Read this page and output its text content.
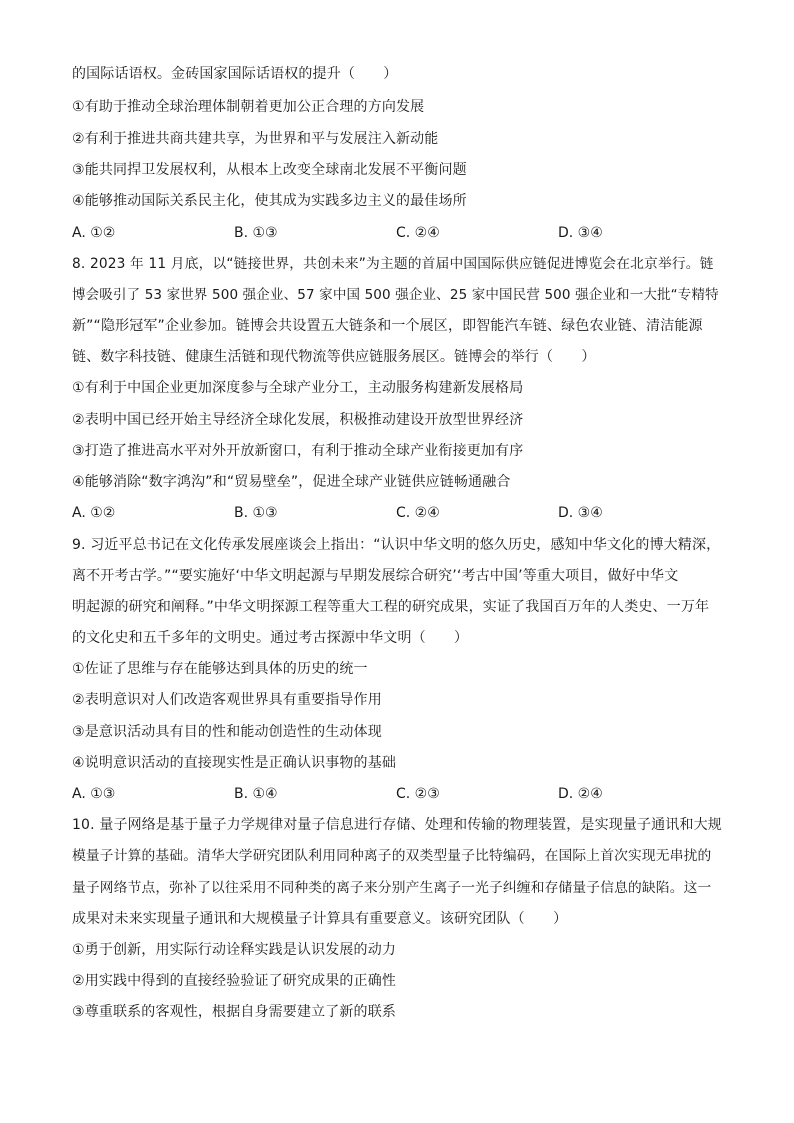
的国际话语权。金砖国家国际话语权的提升（　　）
①有助于推动全球治理体制朝着更加公正合理的方向发展
②有利于推进共商共建共享，为世界和平与发展注入新动能
③能共同捍卫发展权利，从根本上改变全球南北发展不平衡问题
④能够推动国际关系民主化，使其成为实践多边主义的最佳场所
A. ①②	B. ①③	C. ②④	D. ③④
8. 2023 年 11 月底，以“链接世界，共创未来”为主题的首届中国国际供应链促进博览会在北京举行。链
博会吸引了 53 家世界 500 强企业、57 家中国 500 强企业、25 家中国民营 500 强企业和一大批“专精特
新”“隐形冠军”企业参加。链博会共设置五大链条和一个展区，即智能汽车链、绿色农业链、清洁能源
链、数字科技链、健康生活链和现代物流等供应链服务展区。链博会的举行（　　）
①有利于中国企业更加深度参与全球产业分工，主动服务构建新发展格局
②表明中国已经开始主导经济全球化发展，积极推动建设开放型世界经济
③打造了推进高水平对外开放新窗口，有利于推动全球产业衔接更加有序
④能够消除“数字鸿沟”和“贸易壁垒”，促进全球产业链供应链畅通融合
A. ①②	B. ①③	C. ②④	D. ③④
9. 习近平总书记在文化传承发展座谈会上指出：“认识中华文明的悠久历史，感知中华文化的博大精深，
离不开考古学。”“要实施好‘中华文明起源与早期发展综合研究’‘考古中国’等重大项目，做好中华文
明起源的研究和阐释。”中华文明探源工程等重大工程的研究成果，实证了我国百万年的人类史、一万年
的文化史和五千多年的文明史。通过考古探源中华文明（　　）
①佐证了思维与存在能够达到具体的历史的统一
②表明意识对人们改造客观世界具有重要指导作用
③是意识活动具有目的性和能动创造性的生动体现
④说明意识活动的直接现实性是正确认识事物的基础
A. ①③	B. ①④	C. ②③	D. ②④
10. 量子网络是基于量子力学规律对量子信息进行存储、处理和传输的物理装置，是实现量子通讯和大规
模量子计算的基础。清华大学研究团队利用同种离子的双类型量子比特编码，在国际上首次实现无串扰的
量子网络节点，弥补了以往采用不同种类的离子来分别产生离子一光子纠缠和存储量子信息的缺陷。这一
成果对未来实现量子通讯和大规模量子计算具有重要意义。该研究团队（　　）
①勇于创新，用实际行动诠释实践是认识发展的动力
②用实践中得到的直接经验验证了研究成果的正确性
③尊重联系的客观性，根据自身需要建立了新的联系
